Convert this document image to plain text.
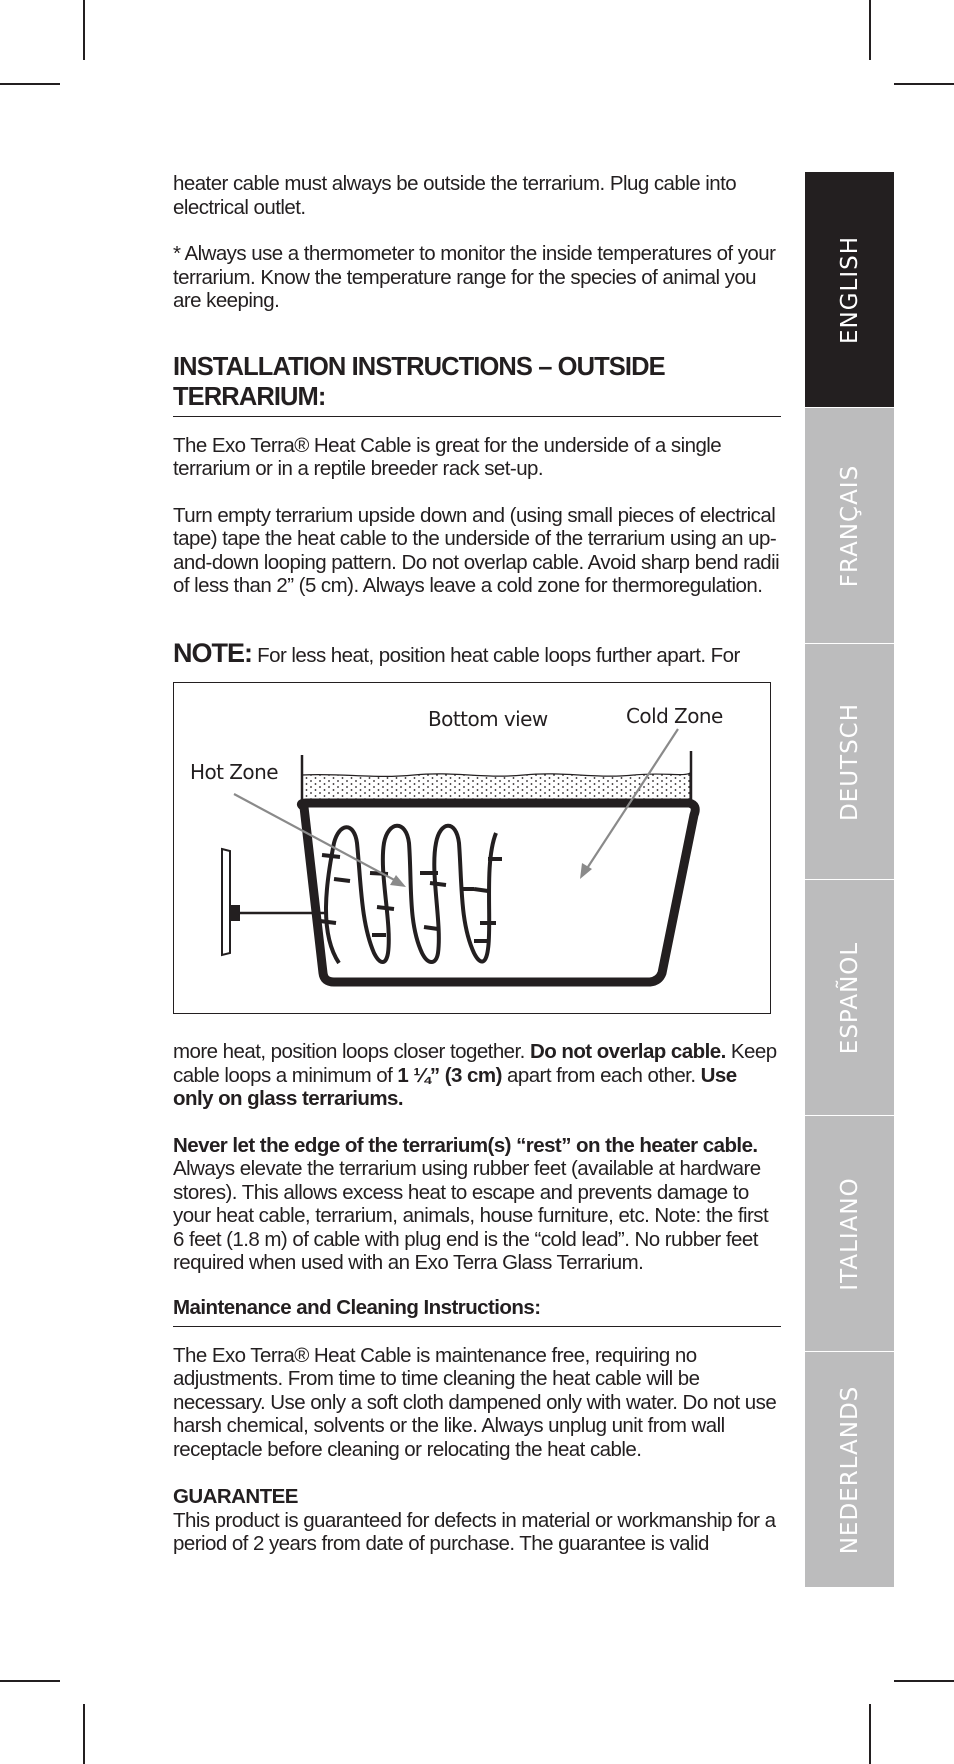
heater cable must always be outside the terrarium. Plug cable into electrical outlet.

* Always use a thermometer to monitor the inside temperatures of your terrarium. Know the temperature range for the species of animal you are keeping.

INSTALLATION INSTRUCTIONS – OUTSIDE TERRARIUM:

The Exo Terra® Heat Cable is great for the underside of a single terrarium or in a reptile breeder rack set-up.

Turn empty terrarium upside down and (using small pieces of electrical tape) tape the heat cable to the underside of the terrarium using an up-and-down looping pattern. Do not overlap cable. Avoid sharp bend radii of less than 2” (5 cm). Always leave a cold zone for thermoregulation.

NOTE: For less heat, position heat cable loops further apart. For

Bottom view	Cold Zone
Hot Zone

more heat, position loops closer together. Do not overlap cable. Keep cable loops a minimum of 1 ¼” (3 cm) apart from each other. Use only on glass terrariums.

Never let the edge of the terrarium(s) “rest” on the heater cable. Always elevate the terrarium using rubber feet (available at hardware stores). This allows excess heat to escape and prevents damage to your heat cable, terrarium, animals, house furniture, etc. Note: the first 6 feet (1.8 m) of cable with plug end is the “cold lead”. No rubber feet required when used with an Exo Terra Glass Terrarium.

Maintenance and Cleaning Instructions:

The Exo Terra® Heat Cable is maintenance free, requiring no adjustments. From time to time cleaning the heat cable will be necessary. Use only a soft cloth dampened only with water. Do not use harsh chemical, solvents or the like. Always unplug unit from wall receptacle before cleaning or relocating the heat cable.

GUARANTEE

This product is guaranteed for defects in material or workmanship for a period of 2 years from date of purchase. The guarantee is valid

ENGLISH
FRANÇAIS
DEUTSCH
ESPAÑOL
ITALIANO
NEDERLANDS
